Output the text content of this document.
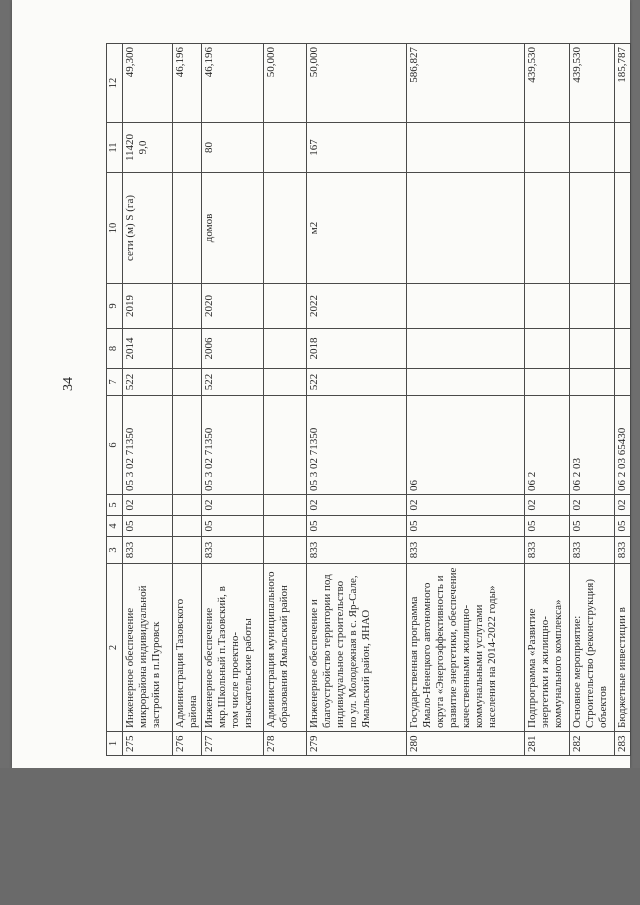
34
1	2	3	4	5	6	7	8	9	10	11	12
275	Инженерное обеспечение микрорайона индивидуальной застройки в п.Пуровск	833	05	02	05 3 02 71350	522	2014	2019	сети (м) S (га)	11420 9,0	49,300
276	Администрация Тазовского района										46,196
277	Инженерное обеспечение мкр.Школьный п.Тазовский, в том числе проектно-изыскательские работы	833	05	02	05 3 02 71350	522	2006	2020	домов	80	46,196
278	Администрация муниципального образования Ямальский район										50,000
279	Инженерное обеспечение и благоустройство территории под индивидуальное строительство по ул. Молодежная в с. Яр-Сале, Ямальский район, ЯНАО	833	05	02	05 3 02 71350	522	2018	2022	м2	167	50,000
280	Государственная программа Ямало-Ненецкого автономного округа «Энергоэффективность и развитие энергетики, обеспечение качественными жилищно-коммунальными услугами населения на 2014-2022 годы»	833	05	02	06						586,827
281	Подпрограмма «Развитие энергетики и жилищно-коммунального комплекса»	833	05	02	06 2						439,530
282	Основное мероприятие: Строительство (реконструкция) объектов	833	05	02	06 2 03						439,530
283	Бюджетные инвестиции в	833	05	02	06 2 03 65430						185,787
